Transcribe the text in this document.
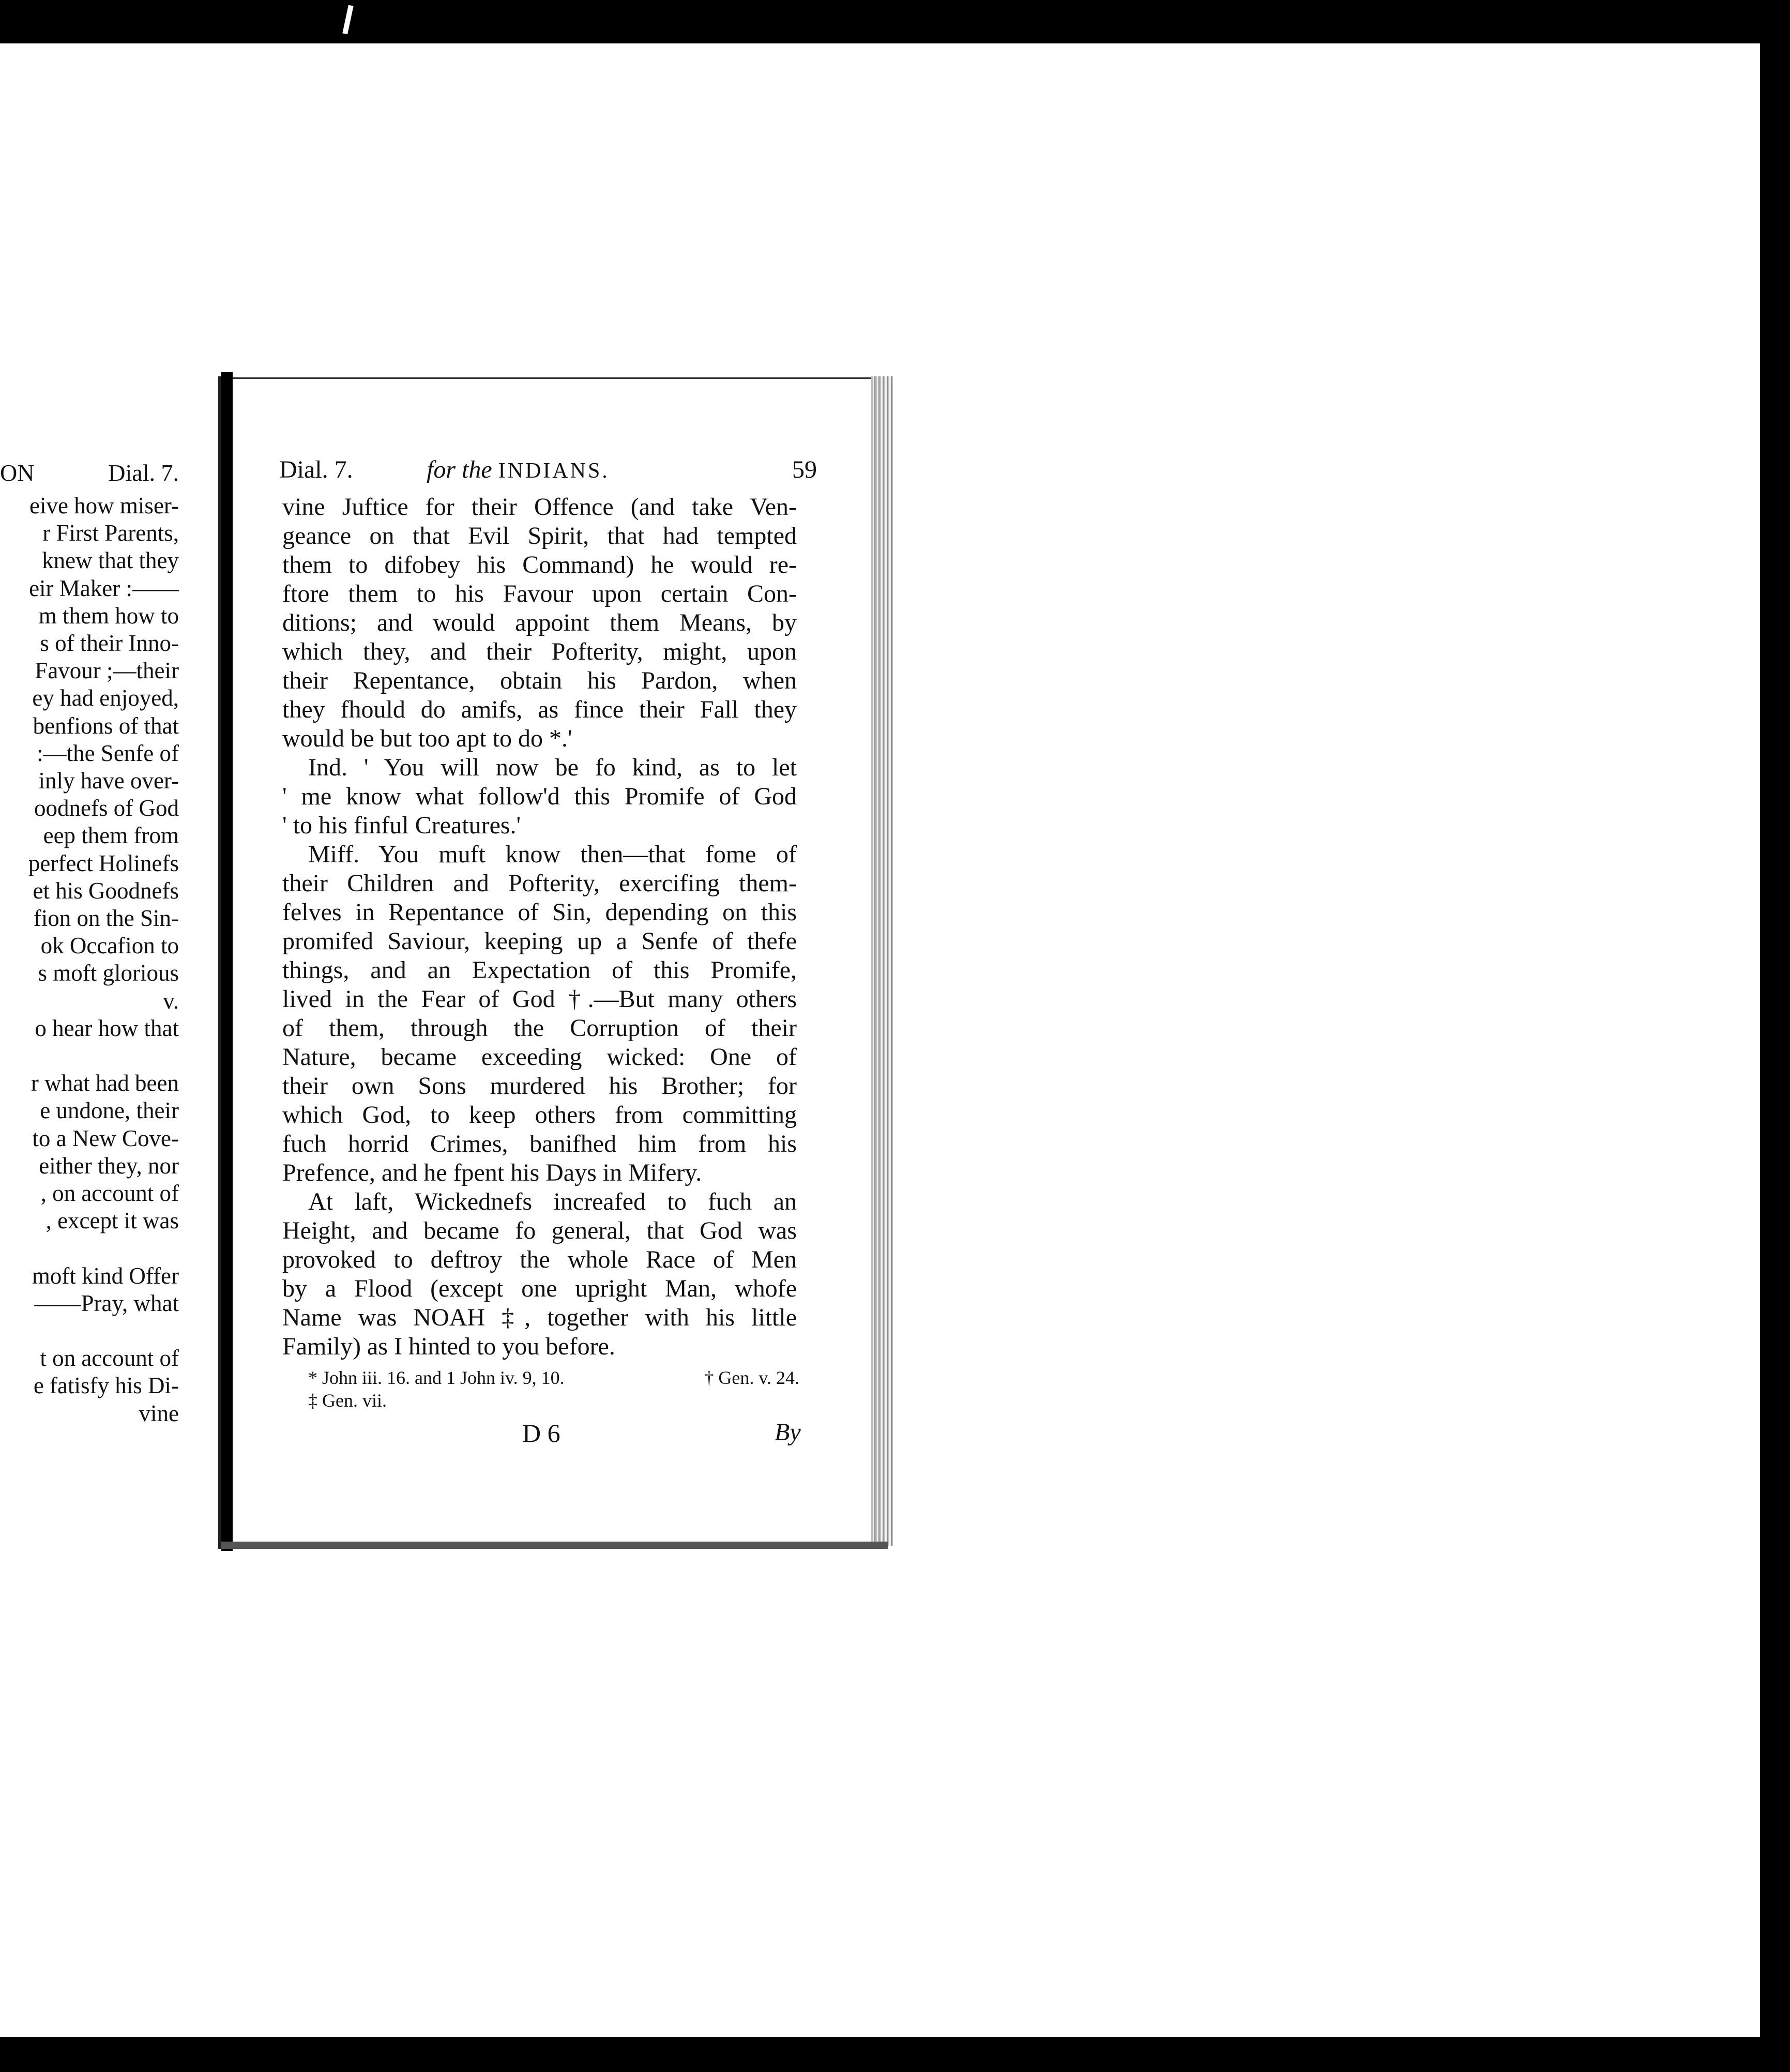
ON	Dial. 7.
eive how miser-
r First Parents,
knew that they
eir Maker :——
m them how to
s of their Inno-
Favour ;—their
ey had enjoyed,
benfions of that
:—the Senfe of
inly have over-
oodnefs of God
eep them from
perfect Holinefs
et his Goodnefs
fion on the Sin-
ok Occafion to
s moft glorious
v.
o hear how that
r what had been
e undone, their
to a New Cove-
either they, nor
, on account of
, except it was
moft kind Offer
——Pray, what
t on account of
e fatisfy his Di-
vine
Dial. 7.	for the INDIANS.	59
vine Juftice for their Offence (and take Ven-
geance on that Evil Spirit, that had tempted
them to difobey his Command) he would re-
ftore them to his Favour upon certain Con-
ditions; and would appoint them Means, by
which they, and their Pofterity, might, upon
their Repentance, obtain his Pardon, when
they fhould do amifs, as fince their Fall they
would be but too apt to do *.'
Ind. ' You will now be fo kind, as to let
' me know what follow'd this Promife of God
' to his finful Creatures.'
Miff. You muft know then—that fome of
their Children and Pofterity, exercifing them-
felves in Repentance of Sin, depending on this
promifed Saviour, keeping up a Senfe of thefe
things, and an Expectation of this Promife,
lived in the Fear of God †.—But many others
of them, through the Corruption of their
Nature, became exceeding wicked: One of
their own Sons murdered his Brother; for
which God, to keep others from committing
fuch horrid Crimes, banifhed him from his
Prefence, and he fpent his Days in Mifery.
At laft, Wickednefs increafed to fuch an
Height, and became fo general, that God was
provoked to deftroy the whole Race of Men
by a Flood (except one upright Man, whofe
Name was NOAH ‡, together with his little
Family) as I hinted to you before.
* John iii. 16. and 1 John iv. 9, 10.	† Gen. v. 24.
‡ Gen. vii.
D 6	By
